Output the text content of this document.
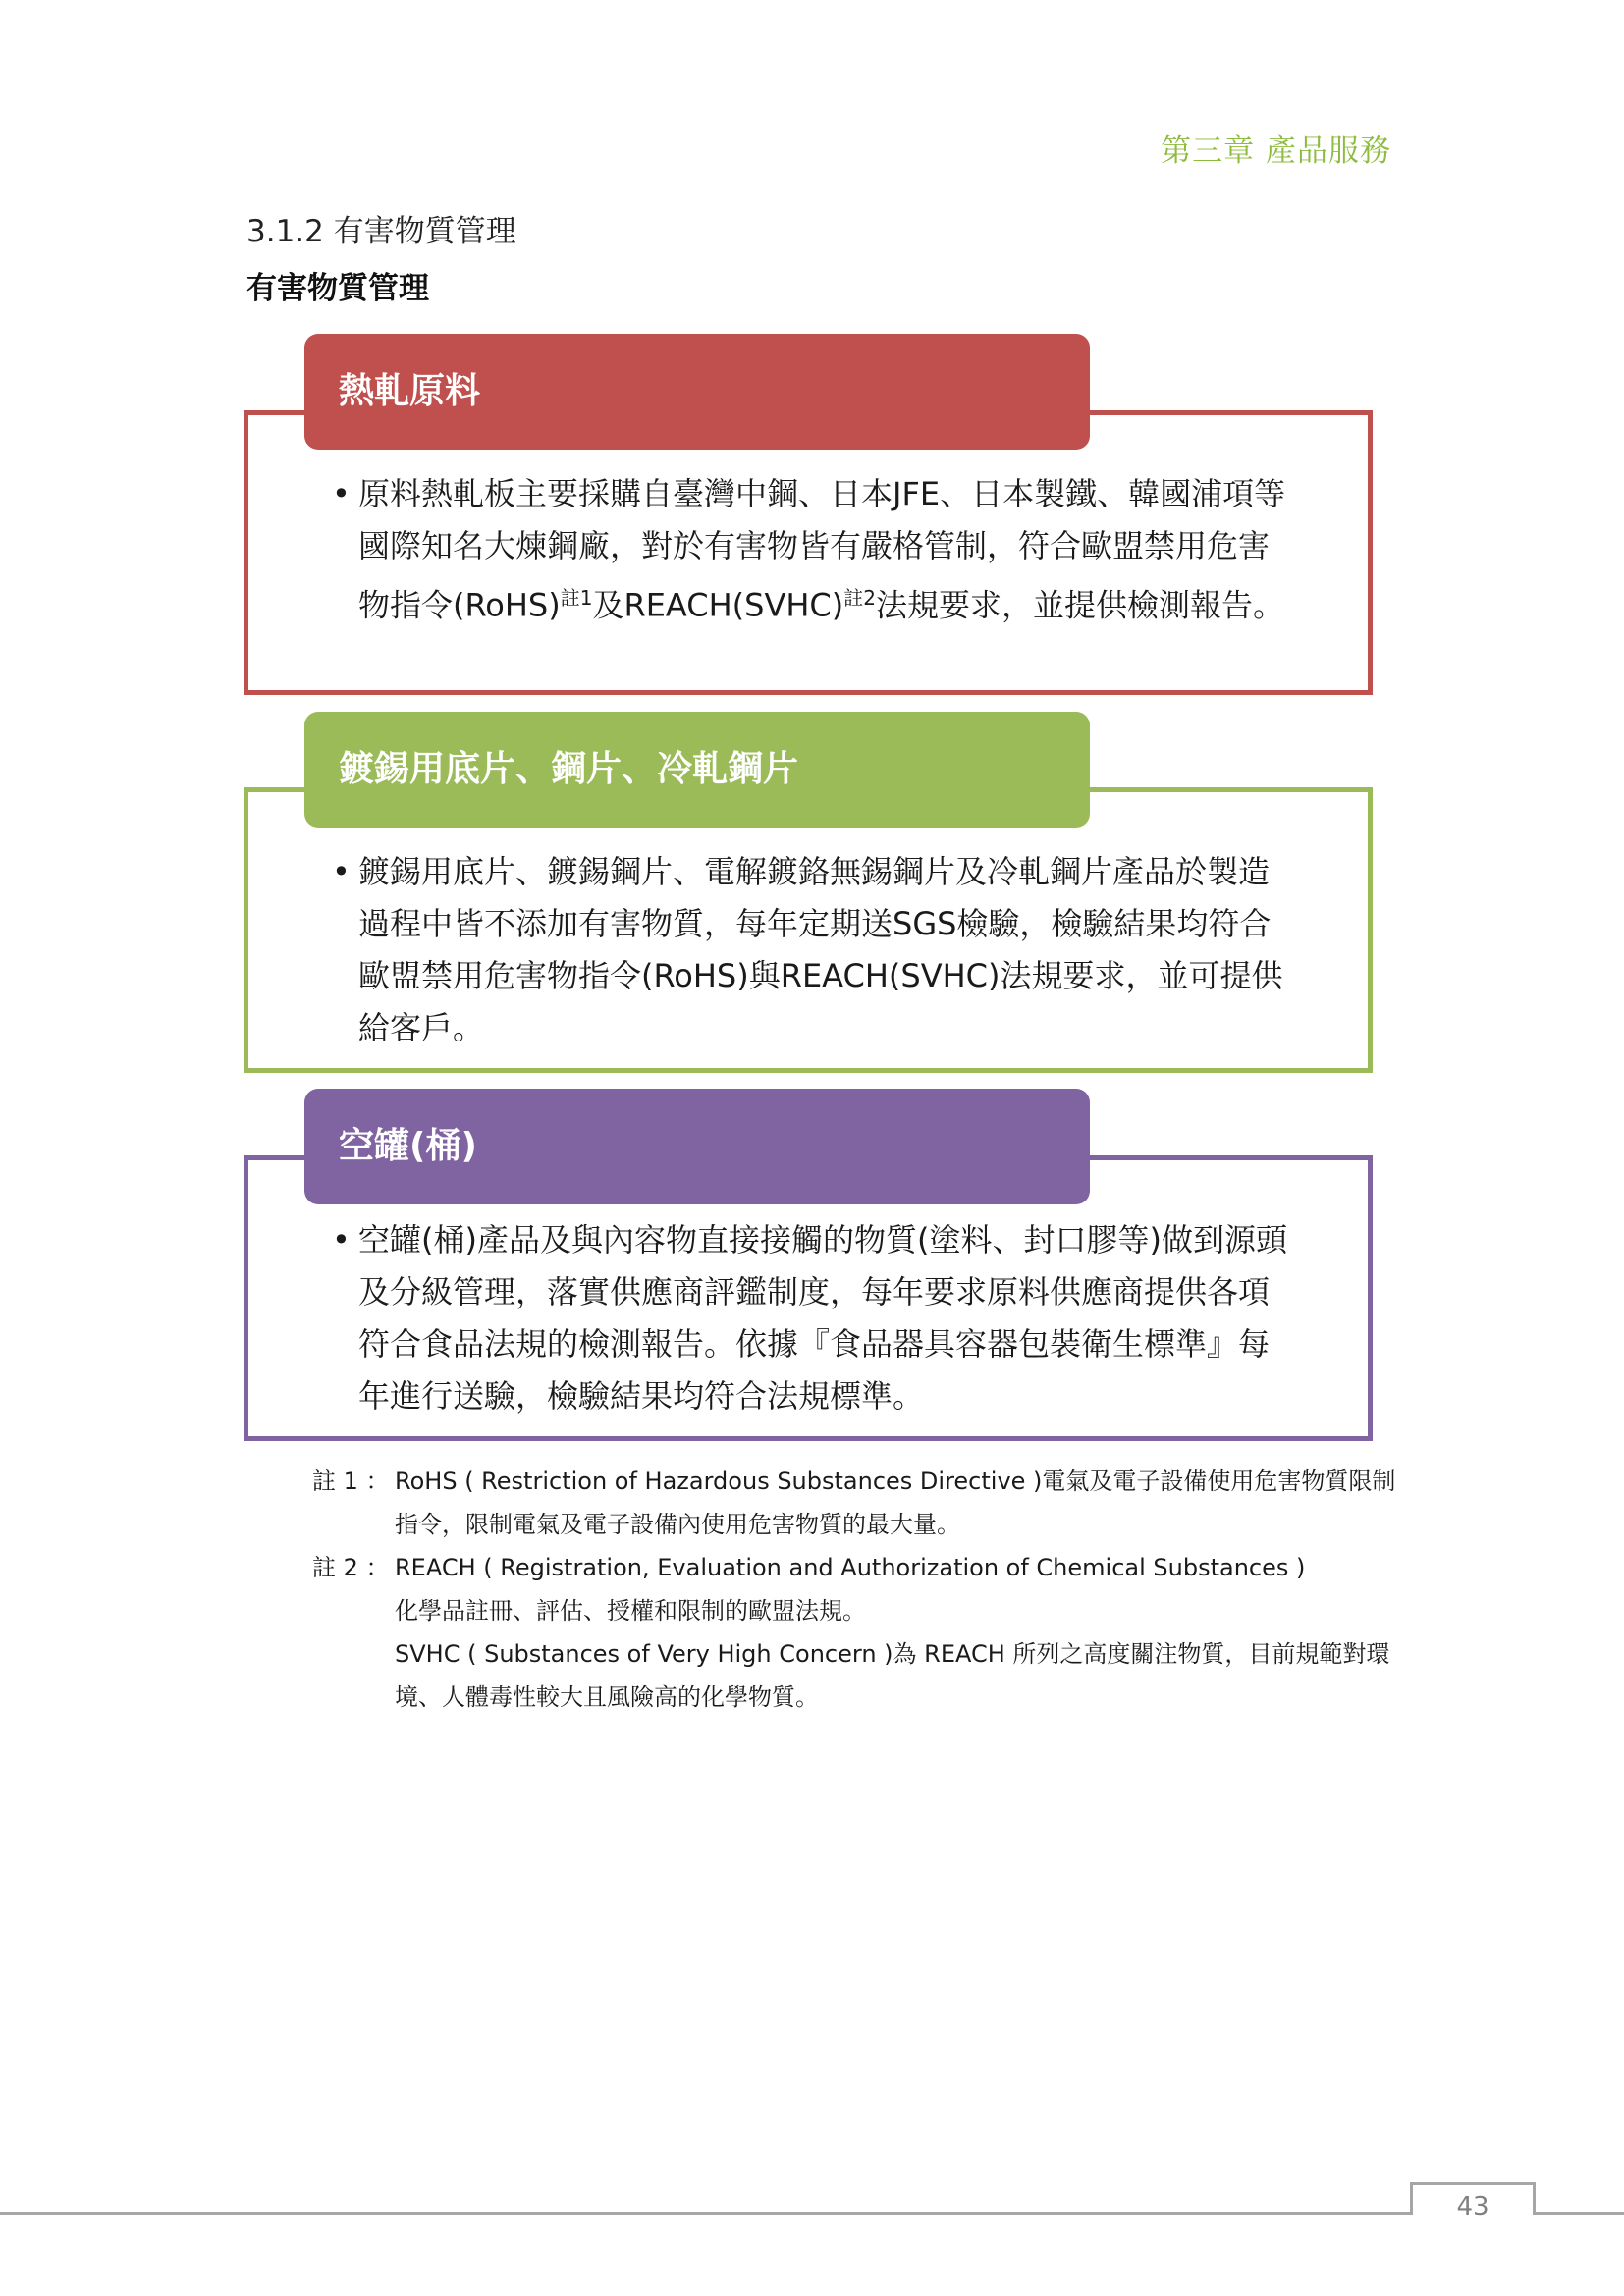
第三章 產品服務
3.1.2 有害物質管理
有害物質管理
熱軋原料
• 原料熱軋板主要採購自臺灣中鋼、日本JFE、日本製鐵、韓國浦項等國際知名大煉鋼廠，對於有害物皆有嚴格管制，符合歐盟禁用危害物指令(RoHS)$^{註1}$及REACH(SVHC)$^{註2}$法規要求，並提供檢測報告。
鍍錫用底片、鋼片、冷軋鋼片
• 鍍錫用底片、鍍錫鋼片、電解鍍鉻無錫鋼片及冷軋鋼片產品於製造過程中皆不添加有害物質，每年定期送SGS檢驗，檢驗結果均符合歐盟禁用危害物指令(RoHS)與REACH(SVHC)法規要求，並可提供給客戶。
空罐(桶)
• 空罐(桶)產品及與內容物直接接觸的物質(塗料、封口膠等)做到源頭及分級管理，落實供應商評鑑制度，每年要求原料供應商提供各項符合食品法規的檢測報告。依據『食品器具容器包裝衛生標準』每年進行送驗，檢驗結果均符合法規標準。
註 1 ： RoHS ( Restriction of Hazardous Substances Directive )電氣及電子設備使用危害物質限制
指令，限制電氣及電子設備內使用危害物質的最大量。
註 2 ： REACH ( Registration, Evaluation and Authorization of Chemical Substances )
化學品註冊、評估、授權和限制的歐盟法規。
SVHC ( Substances of Very High Concern )為 REACH 所列之高度關注物質，目前規範對環
境、人體毒性較大且風險高的化學物質。
43
